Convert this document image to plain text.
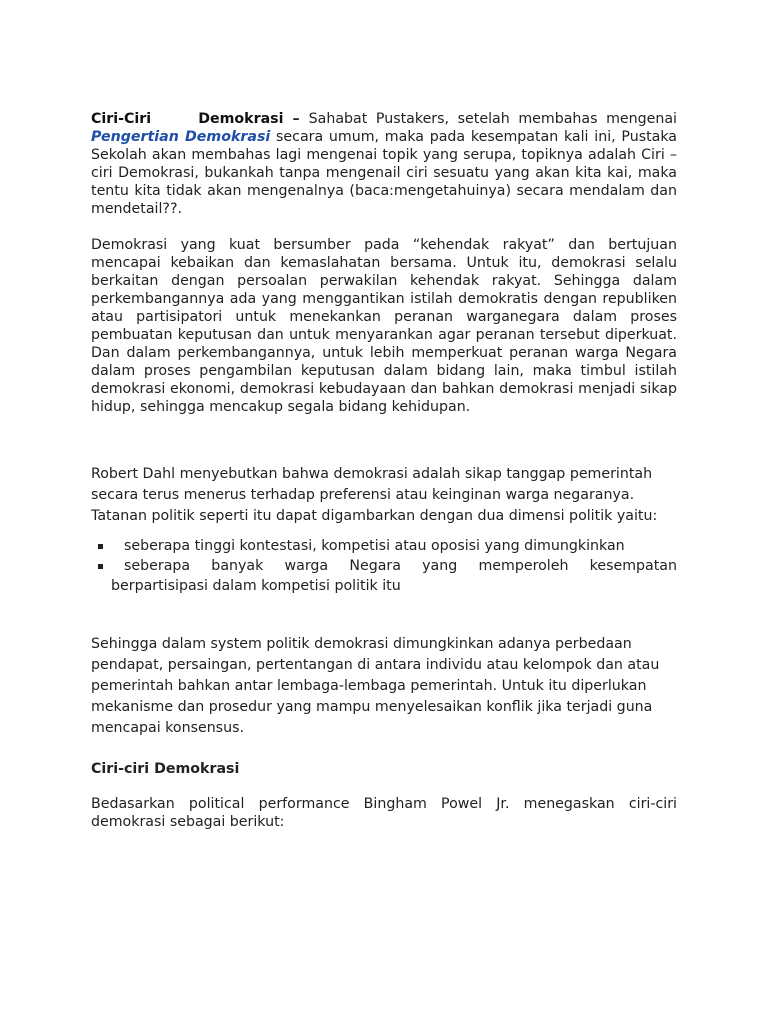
Ciri-Ciri Demokrasi – Sahabat Pustakers, setelah membahas mengenai Pengertian Demokrasi secara umum, maka pada kesempatan kali ini, Pustaka Sekolah akan membahas lagi mengenai topik yang serupa, topiknya adalah Ciri – ciri Demokrasi, bukankah tanpa mengenail ciri sesuatu yang akan kita kai, maka tentu kita tidak akan mengenalnya (baca:mengetahuinya) secara mendalam dan mendetail??.

Demokrasi yang kuat bersumber pada “kehendak rakyat” dan bertujuan mencapai kebaikan dan kemaslahatan bersama. Untuk itu, demokrasi selalu berkaitan dengan persoalan perwakilan kehendak rakyat. Sehingga dalam perkembangannya ada yang menggantikan istilah demokratis dengan republiken atau partisipatori untuk menekankan peranan warganegara dalam proses pembuatan keputusan dan untuk menyarankan agar peranan tersebut diperkuat. Dan dalam perkembangannya, untuk lebih memperkuat peranan warga Negara dalam proses pengambilan keputusan dalam bidang lain, maka timbul istilah demokrasi ekonomi, demokrasi kebudayaan dan bahkan demokrasi menjadi sikap hidup, sehingga mencakup segala bidang kehidupan.

Robert Dahl menyebutkan bahwa demokrasi adalah sikap tanggap pemerintah secara terus menerus terhadap preferensi atau keinginan warga negaranya. Tatanan politik seperti itu dapat digambarkan dengan dua dimensi politik yaitu:

seberapa tinggi kontestasi, kompetisi atau oposisi yang dimungkinkan
seberapa banyak warga Negara yang memperoleh kesempatan berpartisipasi dalam kompetisi politik itu

Sehingga dalam system politik demokrasi dimungkinkan adanya perbedaan pendapat, persaingan, pertentangan di antara individu atau kelompok dan atau pemerintah bahkan antar lembaga-lembaga pemerintah. Untuk itu diperlukan mekanisme dan prosedur yang mampu menyelesaikan konflik jika terjadi guna mencapai konsensus.

Ciri-ciri Demokrasi

Bedasarkan political performance Bingham Powel Jr. menegaskan ciri-ciri demokrasi sebagai berikut:
